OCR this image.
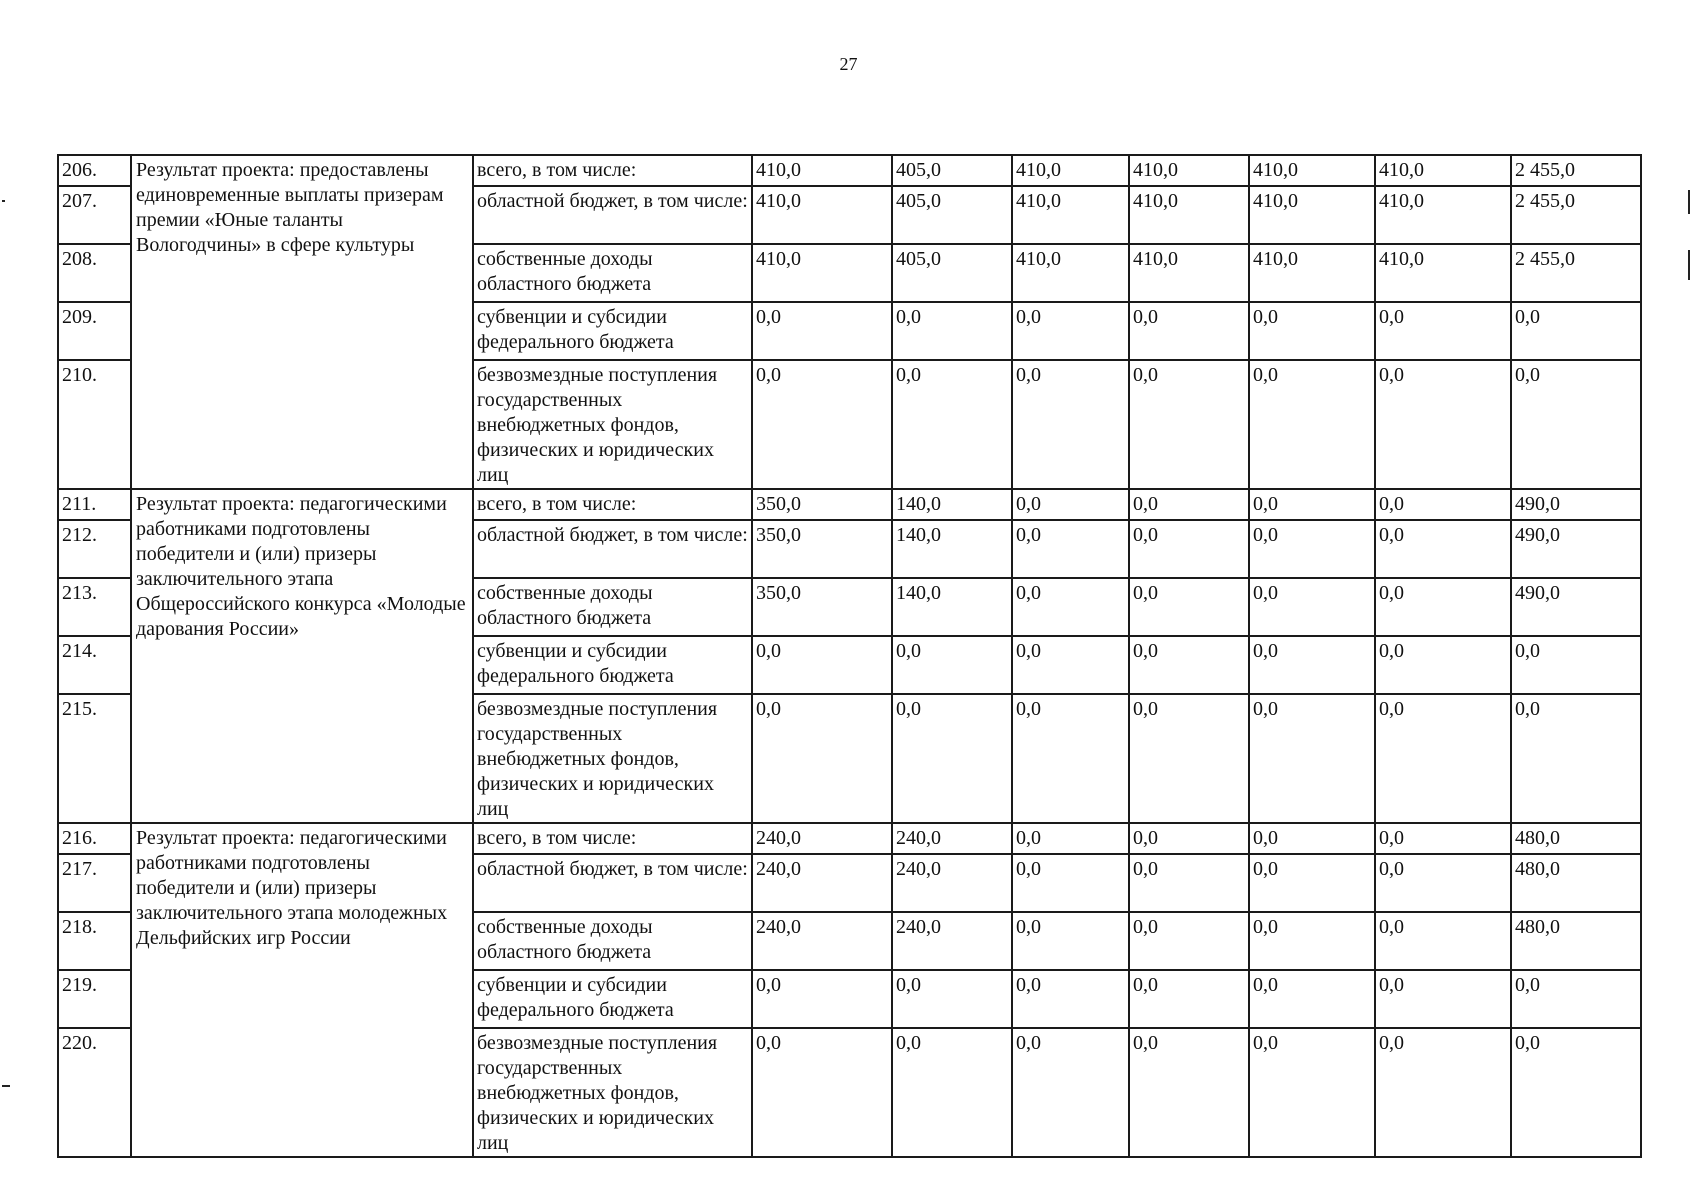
27
206.	Результат проекта: предоставлены единовременные выплаты призерам премии «Юные таланты Вологодчины» в сфере культуры	всего, в том числе:	410,0	405,0	410,0	410,0	410,0	410,0	2 455,0
207.		областной бюджет, в том числе:	410,0	405,0	410,0	410,0	410,0	410,0	2 455,0
208.		собственные доходы областного бюджета	410,0	405,0	410,0	410,0	410,0	410,0	2 455,0
209.		субвенции и субсидии федерального бюджета	0,0	0,0	0,0	0,0	0,0	0,0	0,0
210.		безвозмездные поступления государственных внебюджетных фондов, физических и юридических лиц	0,0	0,0	0,0	0,0	0,0	0,0	0,0
211.	Результат проекта: педагогическими работниками подготовлены победители и (или) призеры заключительного этапа Общероссийского конкурса «Молодые дарования России»	всего, в том числе:	350,0	140,0	0,0	0,0	0,0	0,0	490,0
212.		областной бюджет, в том числе:	350,0	140,0	0,0	0,0	0,0	0,0	490,0
213.		собственные доходы областного бюджета	350,0	140,0	0,0	0,0	0,0	0,0	490,0
214.		субвенции и субсидии федерального бюджета	0,0	0,0	0,0	0,0	0,0	0,0	0,0
215.		безвозмездные поступления государственных внебюджетных фондов, физических и юридических лиц	0,0	0,0	0,0	0,0	0,0	0,0	0,0
216.	Результат проекта: педагогическими работниками подготовлены победители и (или) призеры заключительного этапа молодежных Дельфийских игр России	всего, в том числе:	240,0	240,0	0,0	0,0	0,0	0,0	480,0
217.		областной бюджет, в том числе:	240,0	240,0	0,0	0,0	0,0	0,0	480,0
218.		собственные доходы областного бюджета	240,0	240,0	0,0	0,0	0,0	0,0	480,0
219.		субвенции и субсидии федерального бюджета	0,0	0,0	0,0	0,0	0,0	0,0	0,0
220.		безвозмездные поступления государственных внебюджетных фондов, физических и юридических лиц	0,0	0,0	0,0	0,0	0,0	0,0	0,0
